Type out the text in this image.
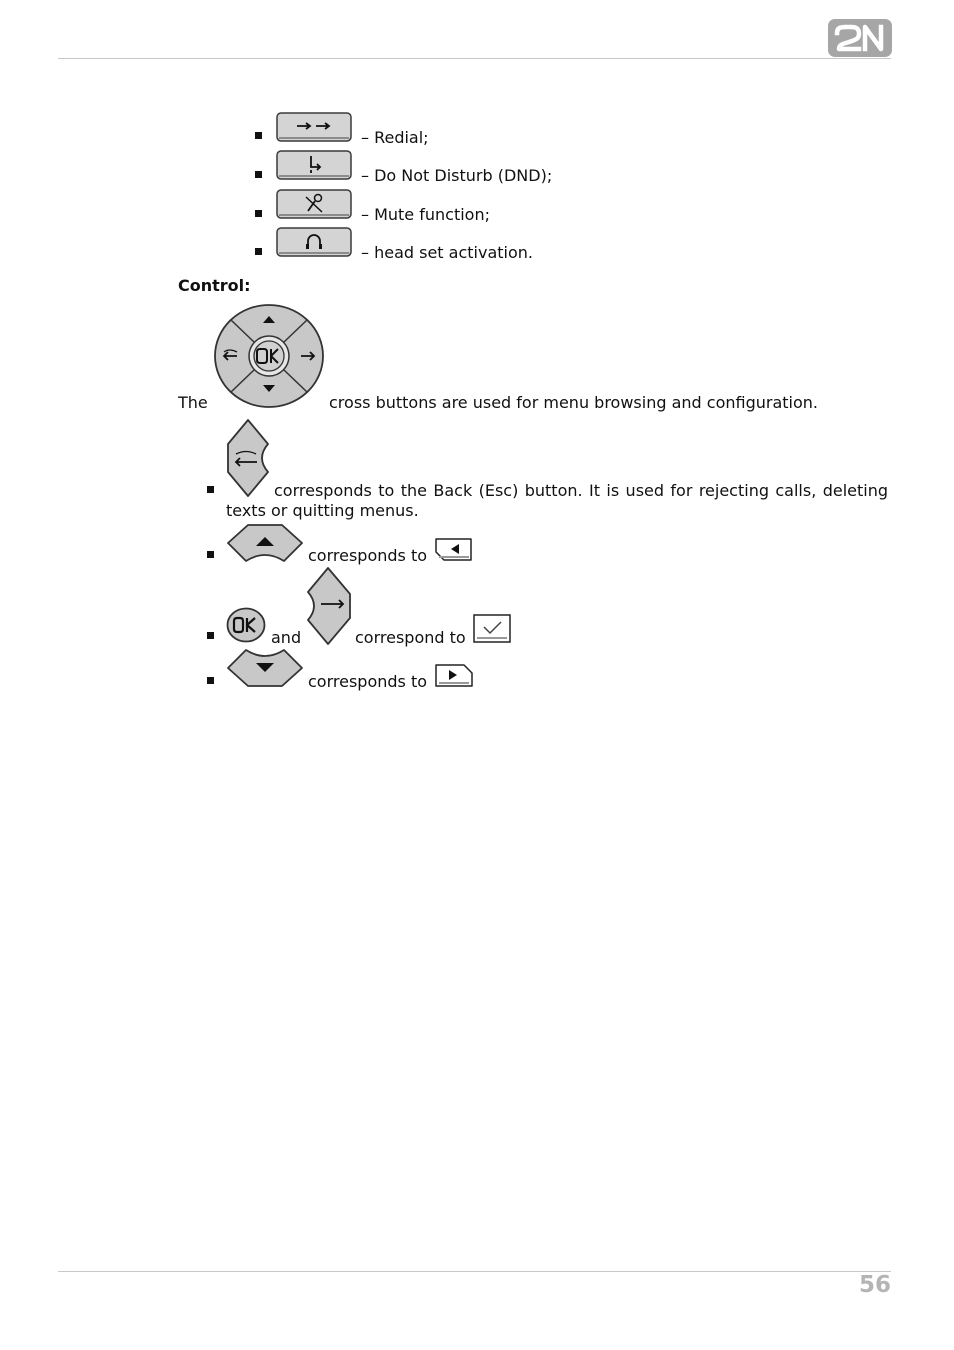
– Redial;
– Do Not Disturb (DND);
– Mute function;
– head set activation.
Control:
The	cross buttons are used for menu browsing and configuration.
corresponds to the Back (Esc) button. It is used for rejecting calls, deleting
texts or quitting menus.
corresponds to
and	correspond to
corresponds to
56
